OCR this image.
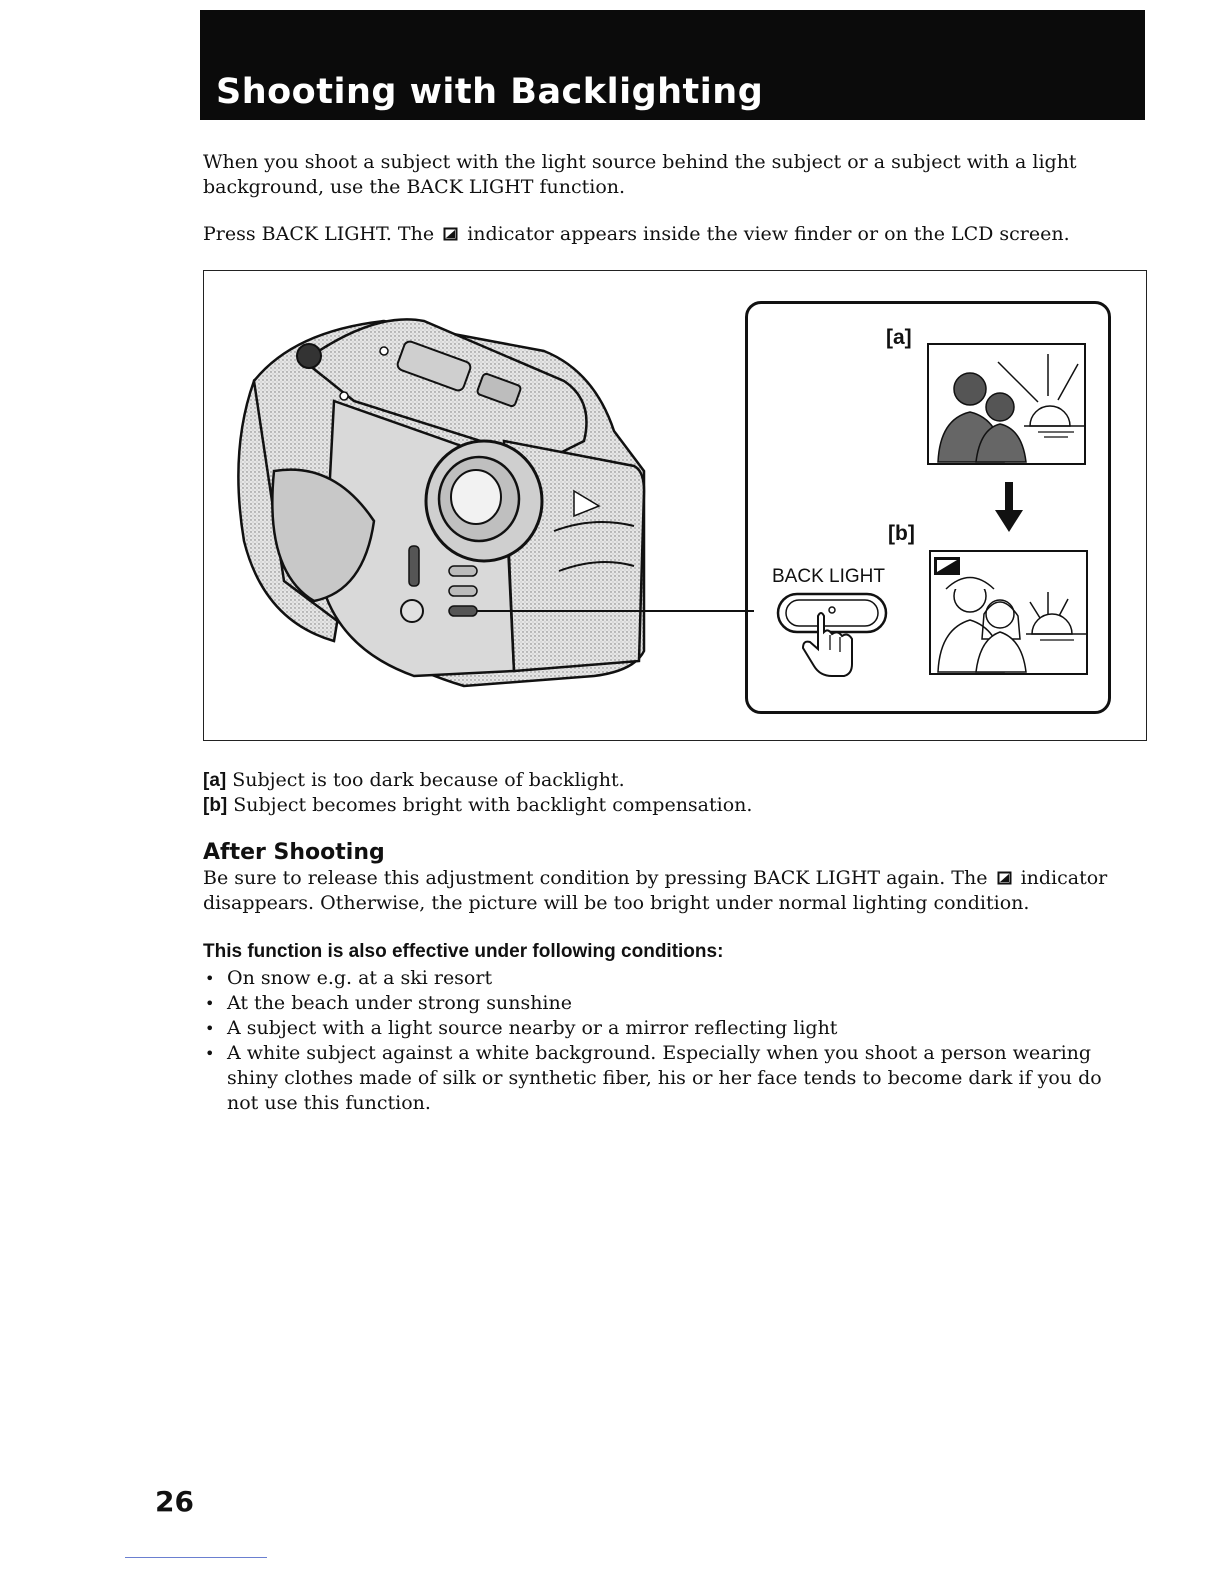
Shooting with Backlighting
When you shoot a subject with the light source behind the subject or a subject with a light background, use the BACK LIGHT function.
Press BACK LIGHT. The indicator appears inside the view finder or on the LCD screen.
[a]
[b]
BACK LIGHT
[a] Subject is too dark because of backlight.
[b] Subject becomes bright with backlight compensation.
After Shooting
Be sure to release this adjustment condition by pressing BACK LIGHT again. The indicator disappears. Otherwise, the picture will be too bright under normal lighting condition.
This function is also effective under following conditions:
• On snow e.g. at a ski resort
• At the beach under strong sunshine
• A subject with a light source nearby or a mirror reflecting light
• A white subject against a white background. Especially when you shoot a person wearing shiny clothes made of silk or synthetic fiber, his or her face tends to become dark if you do not use this function.
26
